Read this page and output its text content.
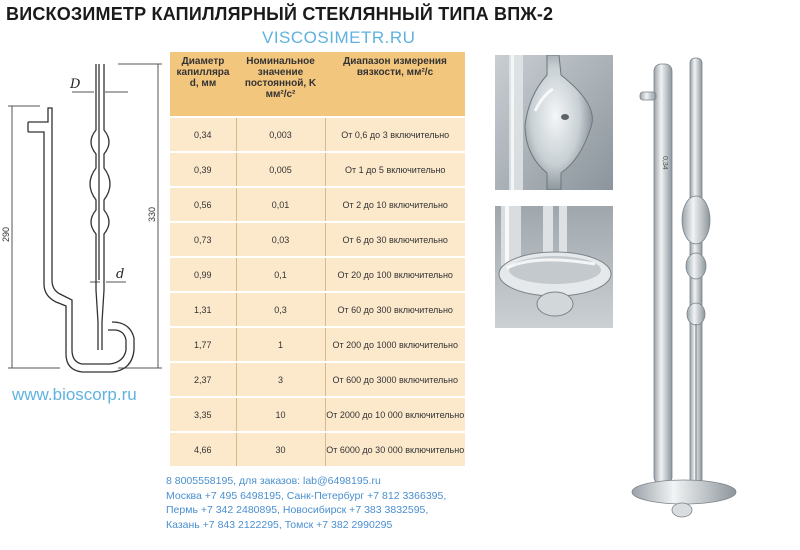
ВИСКОЗИМЕТР КАПИЛЛЯРНЫЙ СТЕКЛЯННЫЙ ТИПА ВПЖ-2
VISCOSIMETR.RU
D
d
290
330
www.bioscorp.ru
Диаметр капилляра d, мм	Номинальное значение постоянной, K мм²/с²	Диапазон измерения вязкости, мм²/с
0,34	0,003	От 0,6 до 3 включительно
0,39	0,005	От 1 до 5 включительно
0,56	0,01	От 2 до 10 включительно
0,73	0,03	От 6 до 30 включительно
0,99	0,1	От 20 до 100 включительно
1,31	0,3	От 60 до 300 включительно
1,77	1	От 200 до 1000 включительно
2,37	3	От 600 до 3000 включительно
3,35	10	От 2000 до 10 000 включительно
4,66	30	От 6000 до 30 000 включительно
8 8005558195, для заказов: lab@6498195.ru
Москва +7 495 6498195, Санк-Петербург +7 812 3366395,
Пермь +7 342 2480895, Новосибирск +7 383 3832595,
Казань +7 843 2122295, Томск +7 382 2990295
0,34
